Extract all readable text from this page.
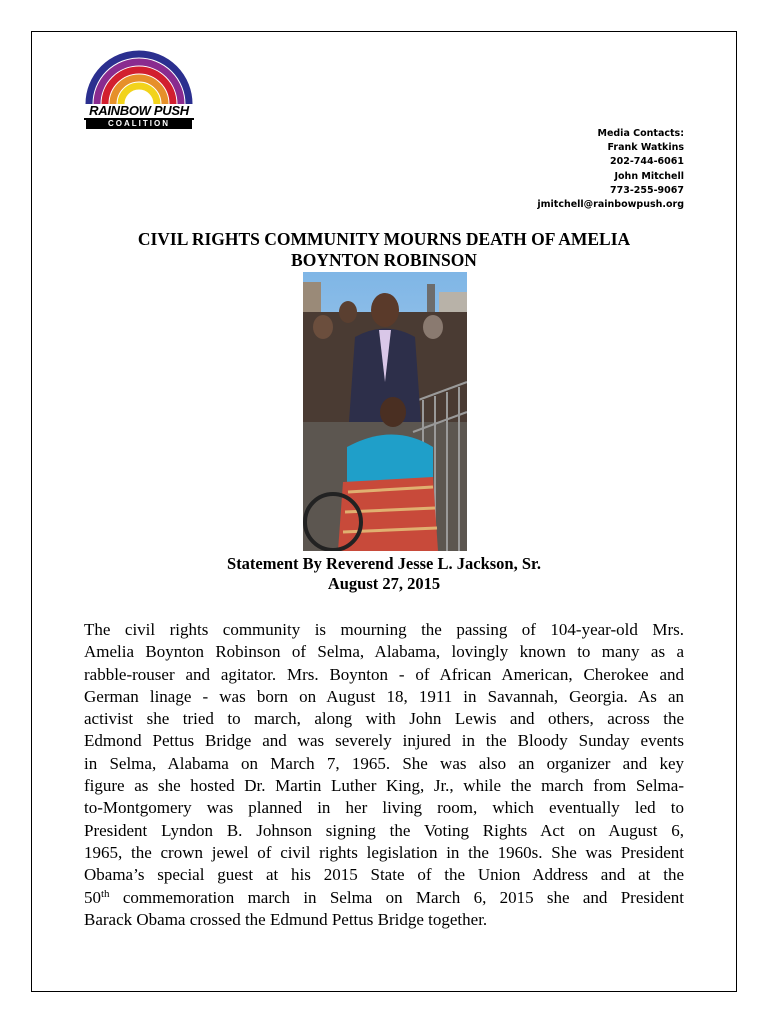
RAINBOW PUSH
COALITION
Media Contacts:
Frank Watkins
202-744-6061
John Mitchell
773-255-9067
jmitchell@rainbowpush.org
CIVIL RIGHTS COMMUNITY MOURNS DEATH OF AMELIA
BOYNTON ROBINSON
Statement By Reverend Jesse L. Jackson, Sr.
August 27, 2015
The civil rights community is mourning the passing of 104-year-old Mrs.
Amelia Boynton Robinson of Selma, Alabama, lovingly known to many as a
rabble-rouser and agitator. Mrs. Boynton - of African American, Cherokee and
German linage - was born on August 18, 1911 in Savannah, Georgia. As an
activist she tried to march, along with John Lewis and others, across the
Edmond Pettus Bridge and was severely injured in the Bloody Sunday events
in Selma, Alabama on March 7, 1965. She was also an organizer and key
figure as she hosted Dr. Martin Luther King, Jr., while the march from Selma-
to-Montgomery was planned in her living room, which eventually led to
President Lyndon B. Johnson signing the Voting Rights Act on August 6,
1965, the crown jewel of civil rights legislation in the 1960s. She was President
Obama’s special guest at his 2015 State of the Union Address and at the
50th commemoration march in Selma on March 6, 2015 she and President
Barack Obama crossed the Edmund Pettus Bridge together.
